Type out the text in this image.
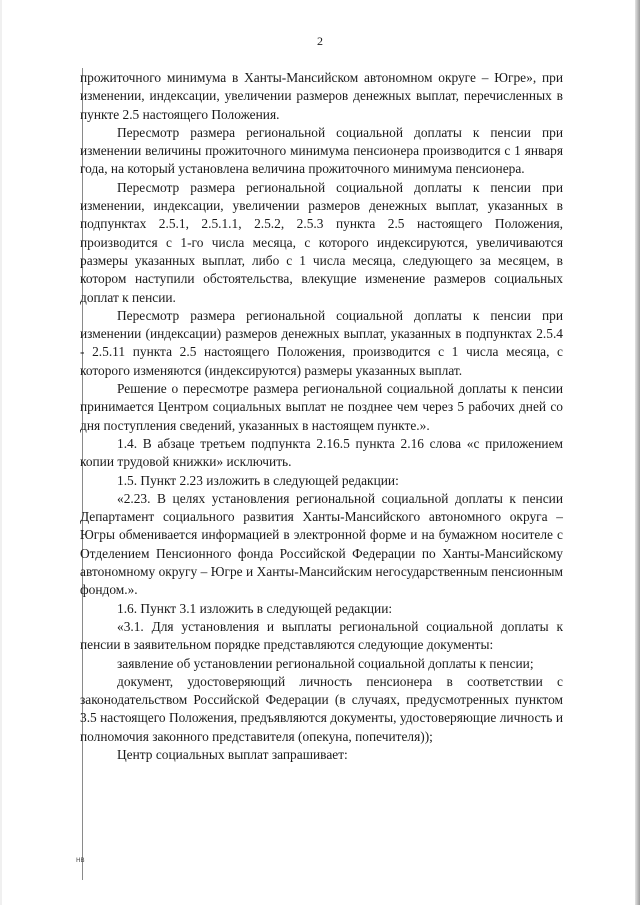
2

прожиточного минимума в Ханты-Мансийском автономном округе – Югре», при изменении, индексации, увеличении размеров денежных выплат, перечисленных в пункте 2.5 настоящего Положения.

Пересмотр размера региональной социальной доплаты к пенсии при изменении величины прожиточного минимума пенсионера производится с 1 января года, на который установлена величина прожиточного минимума пенсионера.

Пересмотр размера региональной социальной доплаты к пенсии при изменении, индексации, увеличении размеров денежных выплат, указанных в подпунктах 2.5.1, 2.5.1.1, 2.5.2, 2.5.3 пункта 2.5 настоящего Положения, производится с 1-го числа месяца, с которого индексируются, увеличиваются размеры указанных выплат, либо с 1 числа месяца, следующего за месяцем, в котором наступили обстоятельства, влекущие изменение размеров социальных доплат к пенсии.

Пересмотр размера региональной социальной доплаты к пенсии при изменении (индексации) размеров денежных выплат, указанных в подпунктах 2.5.4 - 2.5.11 пункта 2.5 настоящего Положения, производится с 1 числа месяца, с которого изменяются (индексируются) размеры указанных выплат.

Решение о пересмотре размера региональной социальной доплаты к пенсии принимается Центром социальных выплат не позднее чем через 5 рабочих дней со дня поступления сведений, указанных в настоящем пункте.».

1.4. В абзаце третьем подпункта 2.16.5 пункта 2.16 слова «с приложением копии трудовой книжки» исключить.

1.5. Пункт 2.23 изложить в следующей редакции:

«2.23. В целях установления региональной социальной доплаты к пенсии Департамент социального развития Ханты-Мансийского автономного округа – Югры обменивается информацией в электронной форме и на бумажном носителе с Отделением Пенсионного фонда Российской Федерации по Ханты-Мансийскому автономному округу – Югре и Ханты-Мансийским негосударственным пенсионным фондом.».

1.6. Пункт 3.1 изложить в следующей редакции:

«3.1. Для установления и выплаты региональной социальной доплаты к пенсии в заявительном порядке представляются следующие документы:

заявление об установлении региональной социальной доплаты к пенсии;

документ, удостоверяющий личность пенсионера в соответствии с законодательством Российской Федерации (в случаях, предусмотренных пунктом 3.5 настоящего Положения, предъявляются документы, удостоверяющие личность и полномочия законного представителя (опекуна, попечителя));

Центр социальных выплат запрашивает:

НВ
